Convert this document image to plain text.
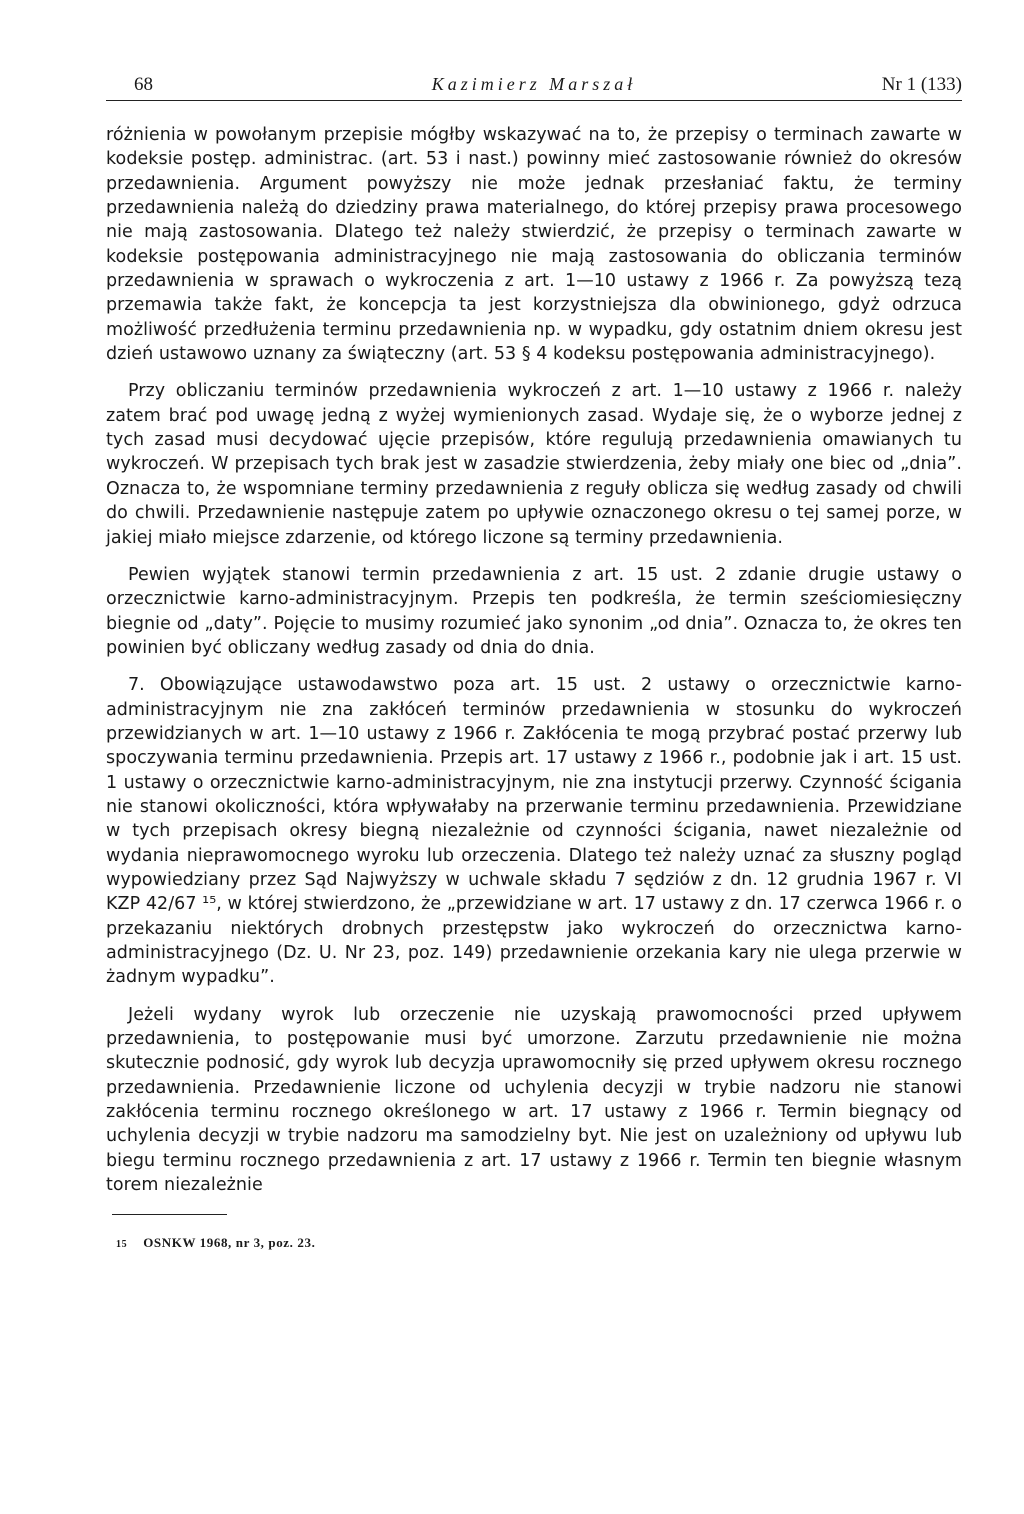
68	Kazimierz Marszał	Nr 1 (133)

różnienia w powołanym przepisie mógłby wskazywać na to, że przepisy o terminach zawarte w kodeksie postęp. administrac. (art. 53 i nast.) powinny mieć zastosowanie również do okresów przedawnienia. Argument powyższy nie może jednak przesłaniać faktu, że terminy przedawnienia należą do dziedziny prawa materialnego, do której przepisy prawa procesowego nie mają zastosowania. Dlatego też należy stwierdzić, że przepisy o terminach zawarte w kodeksie postępowania administracyjnego nie mają zastosowania do obliczania terminów przedawnienia w sprawach o wykroczenia z art. 1—10 ustawy z 1966 r. Za powyższą tezą przemawia także fakt, że koncepcja ta jest korzystniejsza dla obwinionego, gdyż odrzuca możliwość przedłużenia terminu przedawnienia np. w wypadku, gdy ostatnim dniem okresu jest dzień ustawowo uznany za świąteczny (art. 53 § 4 kodeksu postępowania administracyjnego).

Przy obliczaniu terminów przedawnienia wykroczeń z art. 1—10 ustawy z 1966 r. należy zatem brać pod uwagę jedną z wyżej wymienionych zasad. Wydaje się, że o wyborze jednej z tych zasad musi decydować ujęcie przepisów, które regulują przedawnienia omawianych tu wykroczeń. W przepisach tych brak jest w zasadzie stwierdzenia, żeby miały one biec od „dnia”. Oznacza to, że wspomniane terminy przedawnienia z reguły oblicza się według zasady od chwili do chwili. Przedawnienie następuje zatem po upływie oznaczonego okresu o tej samej porze, w jakiej miało miejsce zdarzenie, od którego liczone są terminy przedawnienia.

Pewien wyjątek stanowi termin przedawnienia z art. 15 ust. 2 zdanie drugie ustawy o orzecznictwie karno-administracyjnym. Przepis ten podkreśla, że termin sześciomiesięczny biegnie od „daty”. Pojęcie to musimy rozumieć jako synonim „od dnia”. Oznacza to, że okres ten powinien być obliczany według zasady od dnia do dnia.

7. Obowiązujące ustawodawstwo poza art. 15 ust. 2 ustawy o orzecznictwie karno-administracyjnym nie zna zakłóceń terminów przedawnienia w stosunku do wykroczeń przewidzianych w art. 1—10 ustawy z 1966 r. Zakłócenia te mogą przybrać postać przerwy lub spoczywania terminu przedawnienia. Przepis art. 17 ustawy z 1966 r., podobnie jak i art. 15 ust. 1 ustawy o orzecznictwie karno-administracyjnym, nie zna instytucji przerwy. Czynność ścigania nie stanowi okoliczności, która wpływałaby na przerwanie terminu przedawnienia. Przewidziane w tych przepisach okresy biegną niezależnie od czynności ścigania, nawet niezależnie od wydania nieprawomocnego wyroku lub orzeczenia. Dlatego też należy uznać za słuszny pogląd wypowiedziany przez Sąd Najwyższy w uchwale składu 7 sędziów z dn. 12 grudnia 1967 r. VI KZP 42/67 ¹⁵, w której stwierdzono, że „przewidziane w art. 17 ustawy z dn. 17 czerwca 1966 r. o przekazaniu niektórych drobnych przestępstw jako wykroczeń do orzecznictwa karno-administracyjnego (Dz. U. Nr 23, poz. 149) przedawnienie orzekania kary nie ulega przerwie w żadnym wypadku”.

Jeżeli wydany wyrok lub orzeczenie nie uzyskają prawomocności przed upływem przedawnienia, to postępowanie musi być umorzone. Zarzutu przedawnienie nie można skutecznie podnosić, gdy wyrok lub decyzja uprawomocniły się przed upływem okresu rocznego przedawnienia. Przedawnienie liczone od uchylenia decyzji w trybie nadzoru nie stanowi zakłócenia terminu rocznego określonego w art. 17 ustawy z 1966 r. Termin biegnący od uchylenia decyzji w trybie nadzoru ma samodzielny byt. Nie jest on uzależniony od upływu lub biegu terminu rocznego przedawnienia z art. 17 ustawy z 1966 r. Termin ten biegnie własnym torem niezależnie

15 OSNKW 1968, nr 3, poz. 23.
